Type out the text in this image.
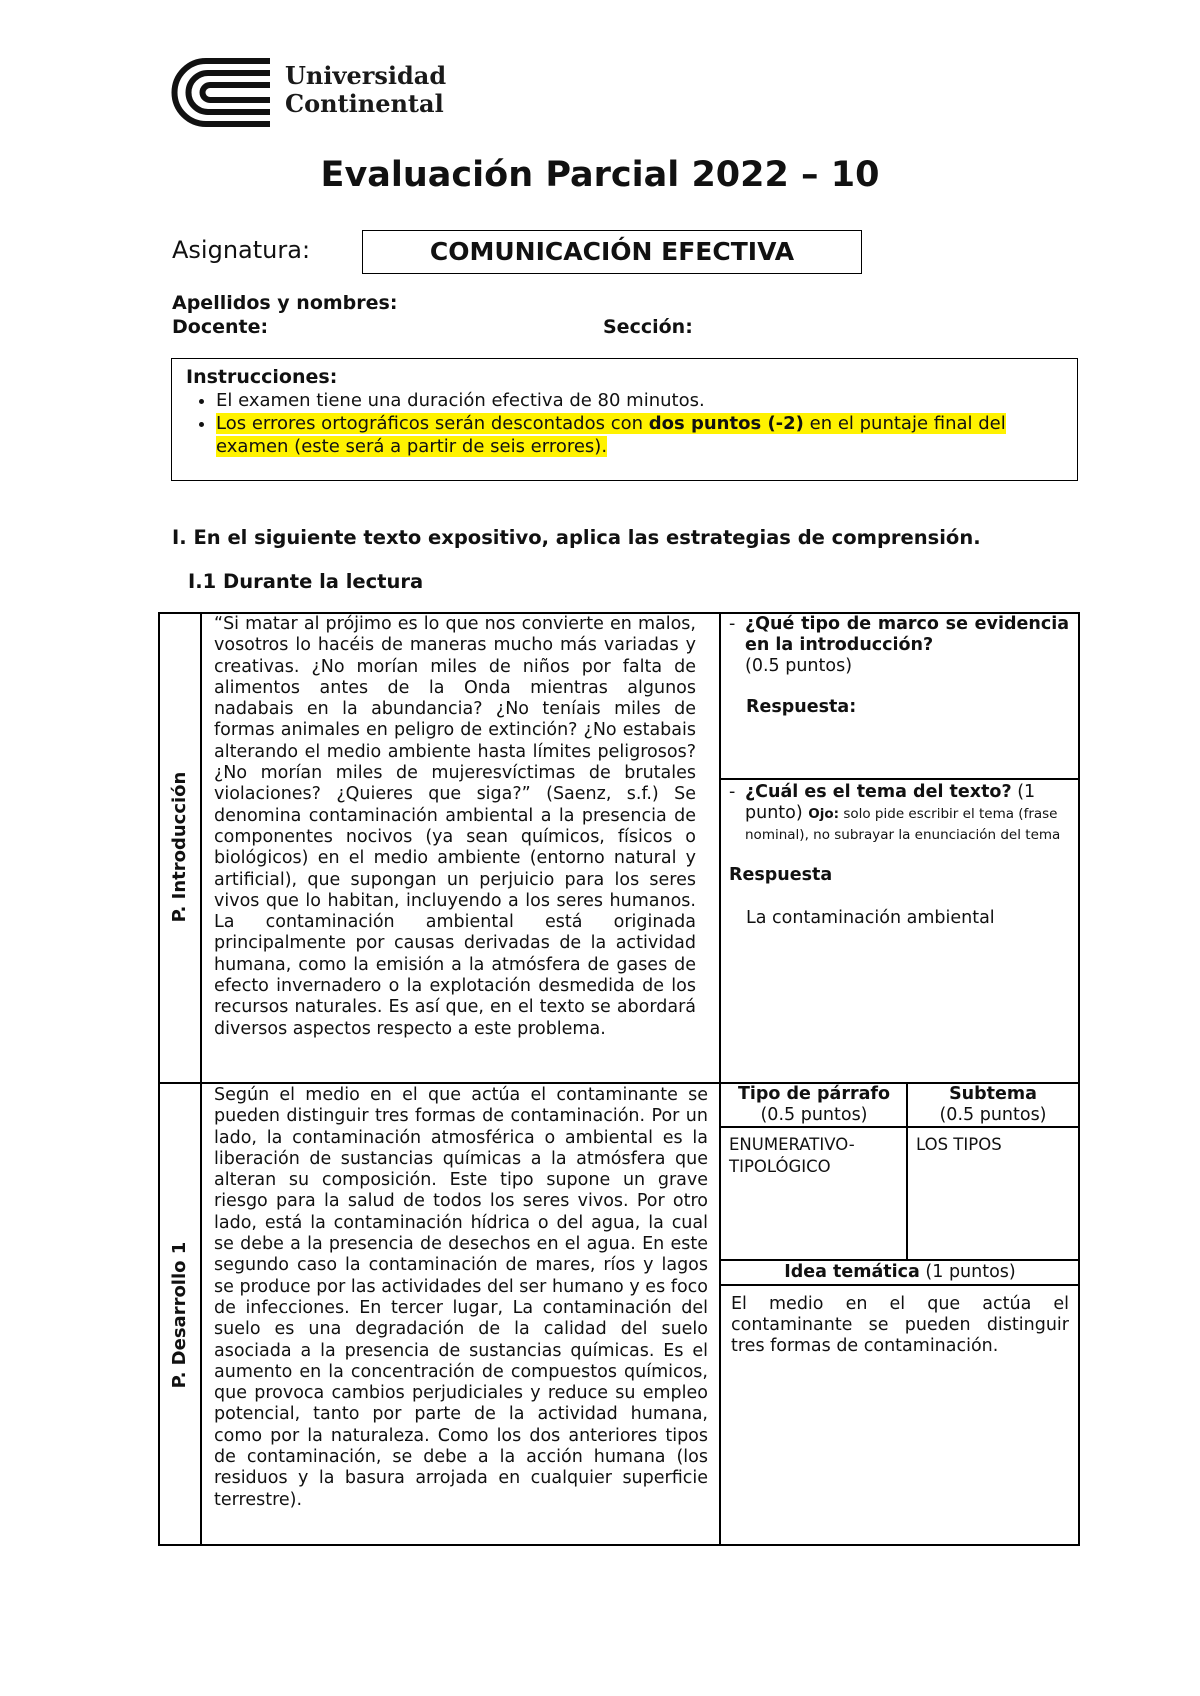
Universidad
Continental
Evaluación Parcial 2022 – 10
Asignatura:	COMUNICACIÓN EFECTIVA
Apellidos y nombres:
Docente:	Sección:
Instrucciones:
• El examen tiene una duración efectiva de 80 minutos.
• Los errores ortográficos serán descontados con dos puntos (-2) en el puntaje final del examen (este será a partir de seis errores).
I. En el siguiente texto expositivo, aplica las estrategias de comprensión.
I.1 Durante la lectura
P. Introducción
“Si matar al prójimo es lo que nos convierte en malos, vosotros lo hacéis de maneras mucho más variadas y creativas. ¿No morían miles de niños por falta de alimentos antes de la Onda mientras algunos nadabais en la abundancia? ¿No teníais miles de formas animales en peligro de extinción? ¿No estabais alterando el medio ambiente hasta límites peligrosos? ¿No morían miles de mujeresvíctimas de brutales violaciones? ¿Quieres que siga?” (Saenz, s.f.) Se denomina contaminación ambiental a la presencia de componentes nocivos (ya sean químicos, físicos o biológicos) en el medio ambiente (entorno natural y artificial), que supongan un perjuicio para los seres vivos que lo habitan, incluyendo a los seres humanos. La contaminación ambiental está originada principalmente por causas derivadas de la actividad humana, como la emisión a la atmósfera de gases de efecto invernadero o la explotación desmedida de los recursos naturales. Es así que, en el texto se abordará diversos aspectos respecto a este problema.
- ¿Qué tipo de marco se evidencia en la introducción?
(0.5 puntos)
Respuesta:
- ¿Cuál es el tema del texto? (1 punto) Ojo: solo pide escribir el tema (frase nominal), no subrayar la enunciación del tema
Respuesta
La contaminación ambiental
P. Desarrollo 1
Según el medio en el que actúa el contaminante se pueden distinguir tres formas de contaminación. Por un lado, la contaminación atmosférica o ambiental es la liberación de sustancias químicas a la atmósfera que alteran su composición. Este tipo supone un grave riesgo para la salud de todos los seres vivos. Por otro lado, está la contaminación hídrica o del agua, la cual se debe a la presencia de desechos en el agua. En este segundo caso la contaminación de mares, ríos y lagos se produce por las actividades del ser humano y es foco de infecciones. En tercer lugar, La contaminación del suelo es una degradación de la calidad del suelo asociada a la presencia de sustancias químicas. Es el aumento en la concentración de compuestos químicos, que provoca cambios perjudiciales y reduce su empleo potencial, tanto por parte de la actividad humana, como por la naturaleza. Como los dos anteriores tipos de contaminación, se debe a la acción humana (los residuos y la basura arrojada en cualquier superficie terrestre).
Tipo de párrafo
(0.5 puntos)
Subtema
(0.5 puntos)
ENUMERATIVO-TIPOLÓGICO
LOS TIPOS
Idea temática (1 puntos)
El medio en el que actúa el contaminante se pueden distinguir tres formas de contaminación.
